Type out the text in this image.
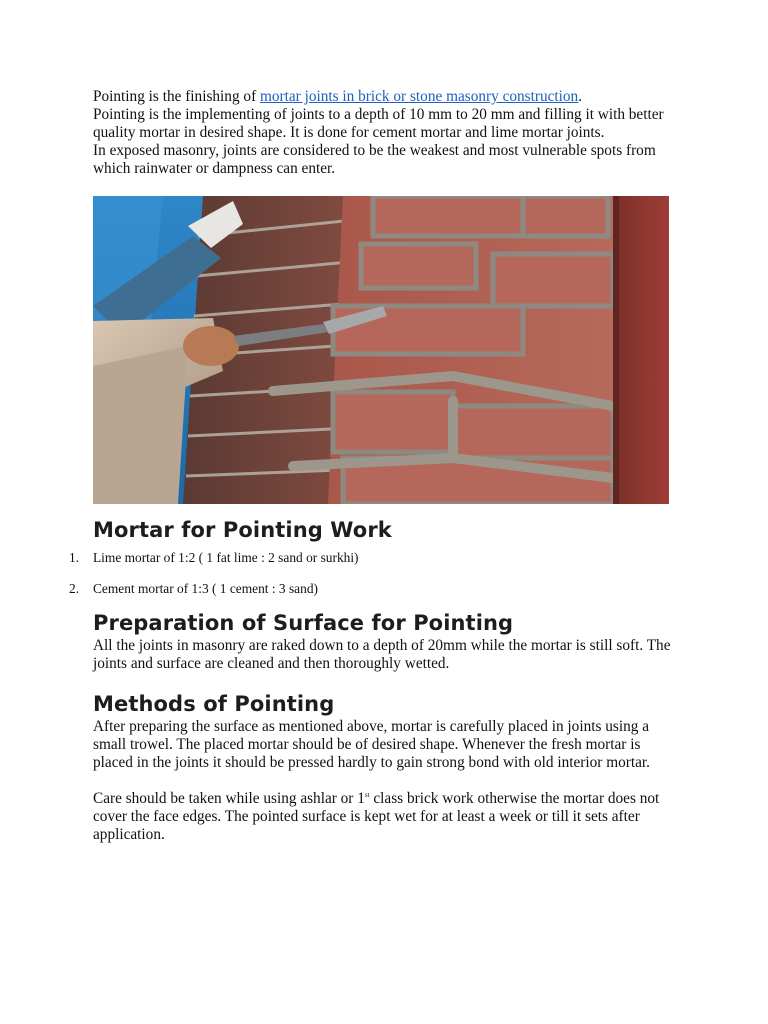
Pointing is the finishing of mortar joints in brick or stone masonry construction.
Pointing is the implementing of joints to a depth of 10 mm to 20 mm and filling it with better quality mortar in desired shape. It is done for cement mortar and lime mortar joints.

In exposed masonry, joints are considered to be the weakest and most vulnerable spots from which rainwater or dampness can enter.

Mortar for Pointing Work
1. Lime mortar of 1:2 ( 1 fat lime : 2 sand or surkhi)
2. Cement mortar of 1:3 ( 1 cement : 3 sand)
Preparation of Surface for Pointing

All the joints in masonry are raked down to a depth of 20mm while the mortar is still soft. The joints and surface are cleaned and then thoroughly wetted.

Methods of Pointing

After preparing the surface as mentioned above, mortar is carefully placed in joints using a small trowel. The placed mortar should be of desired shape. Whenever the fresh mortar is placed in the joints it should be pressed hardly to gain strong bond with old interior mortar.

Care should be taken while using ashlar or 1st class brick work otherwise the mortar does not cover the face edges. The pointed surface is kept wet for at least a week or till it sets after application.
